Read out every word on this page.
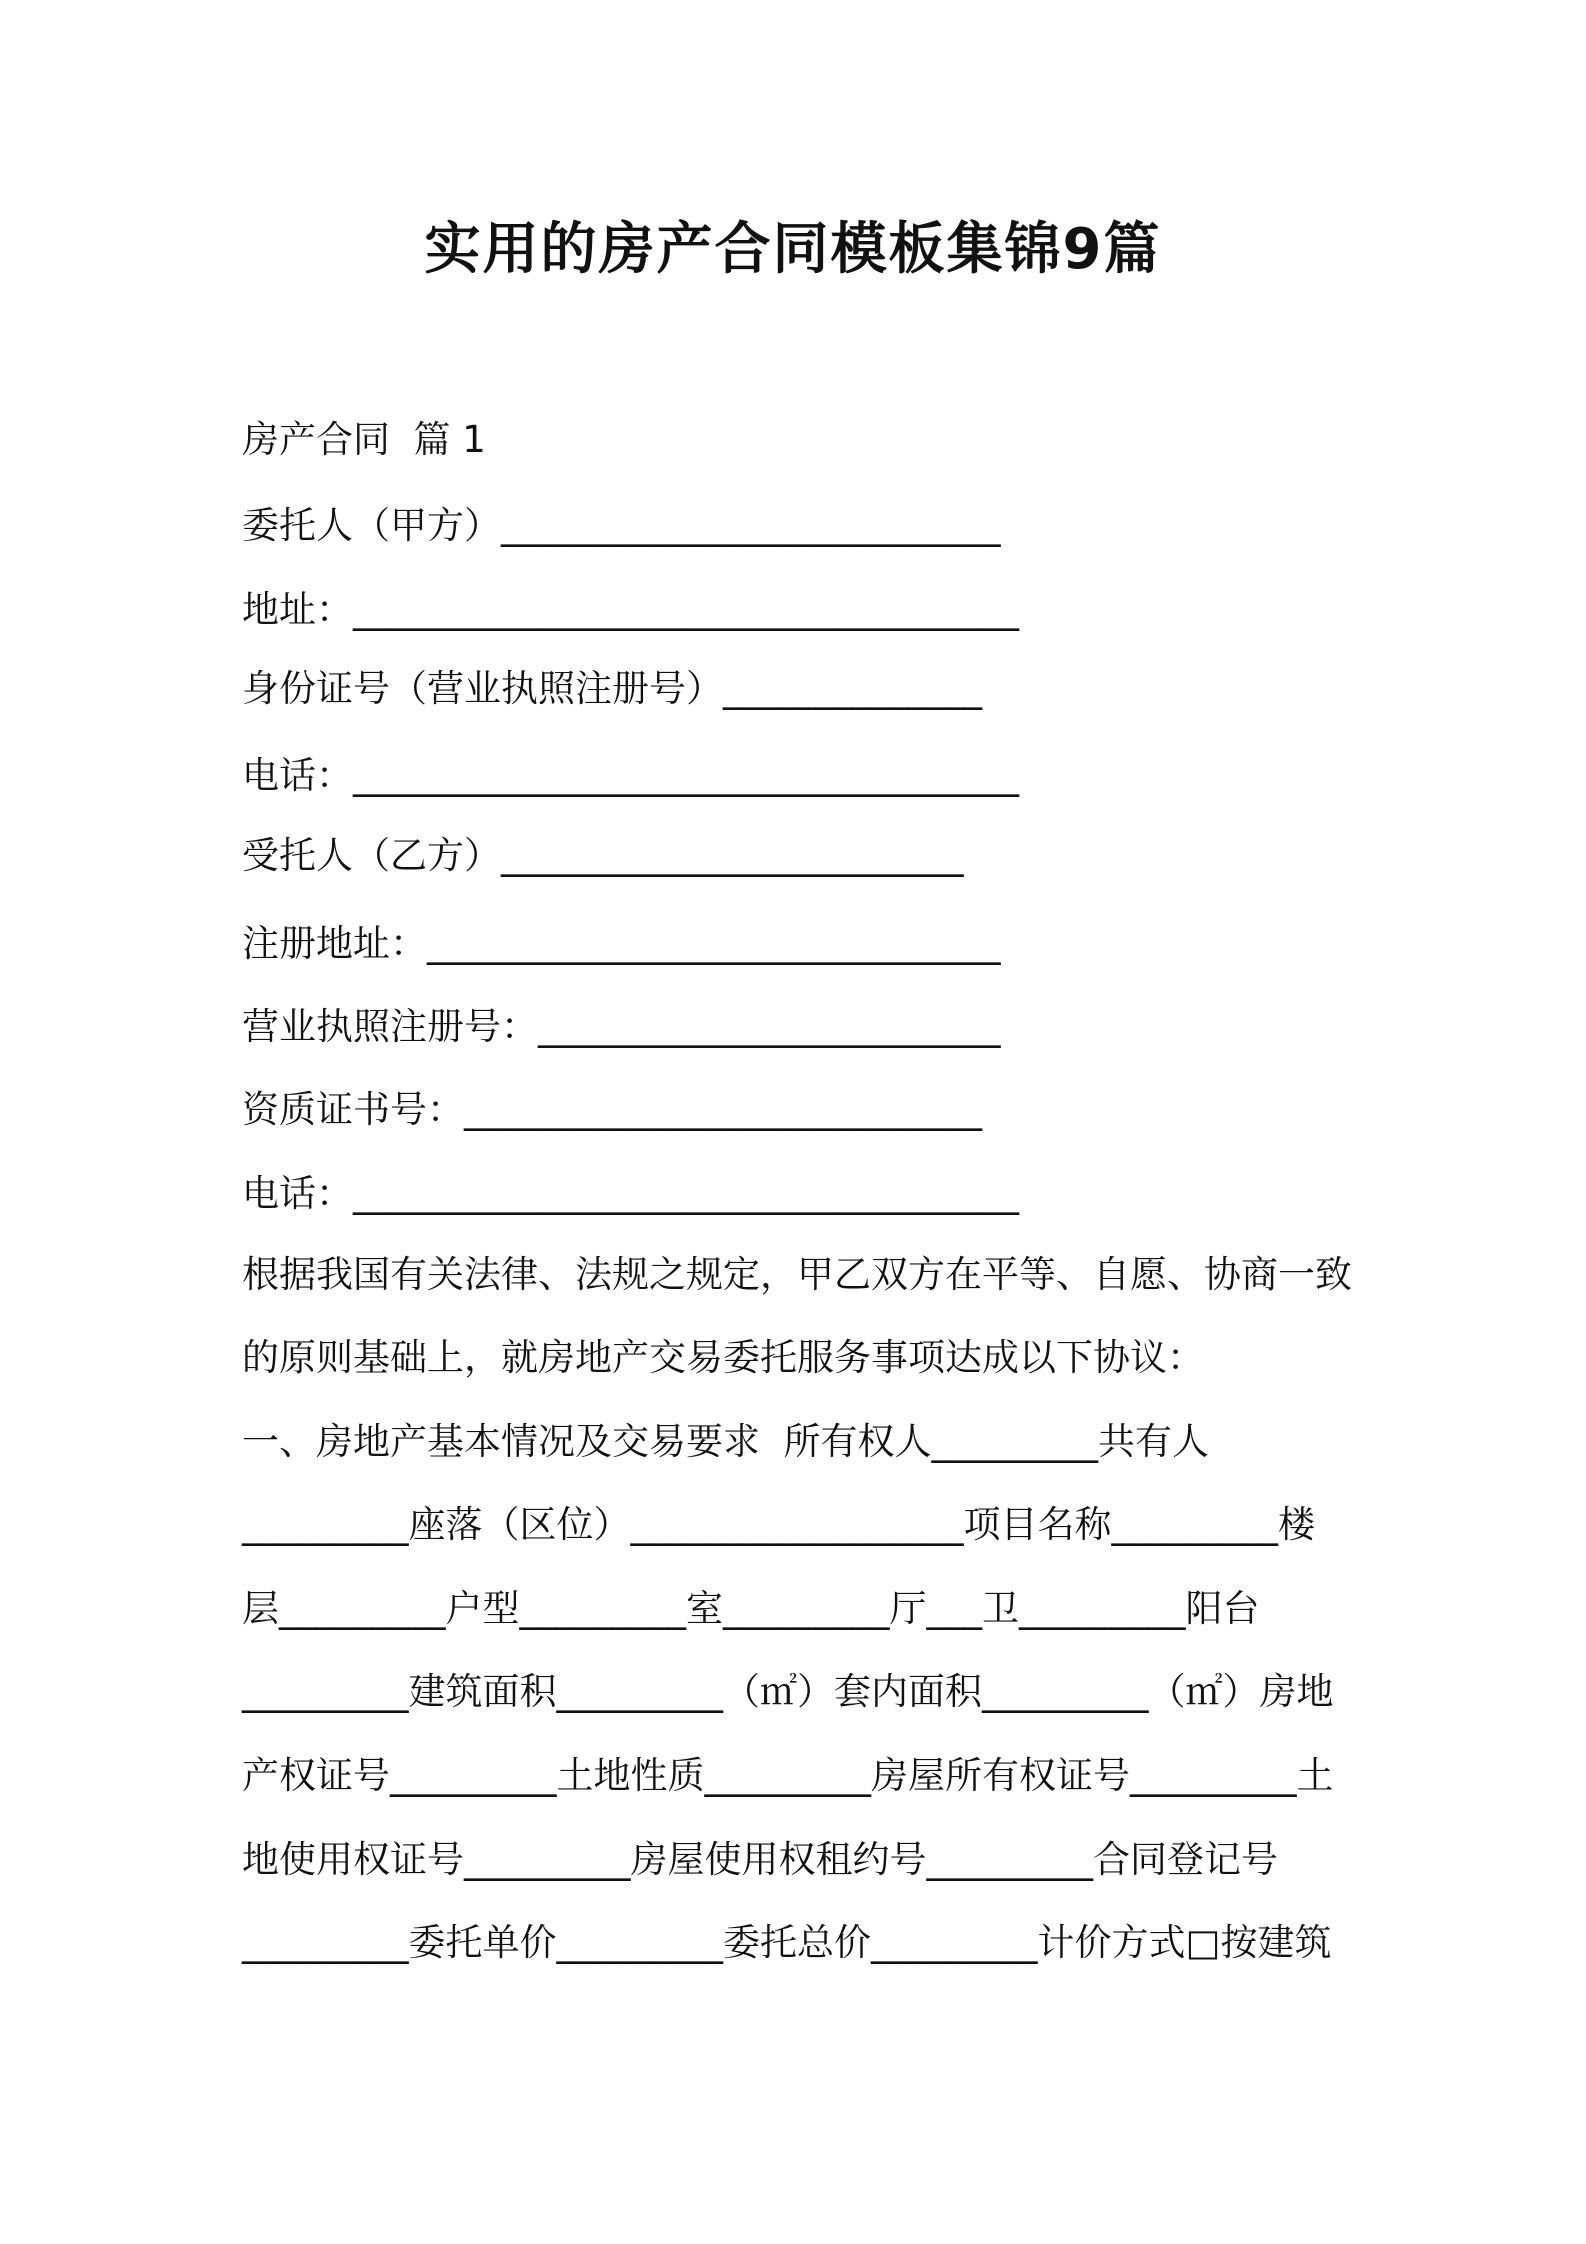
实用的房产合同模板集锦9篇

房产合同  篇 1

委托人（甲方）___________________________

地址：____________________________________

身份证号（营业执照注册号）______________

电话：____________________________________

受托人（乙方）_________________________

注册地址：_______________________________

营业执照注册号：_________________________

资质证书号：____________________________

电话：____________________________________

根据我国有关法律、法规之规定，甲乙双方在平等、自愿、协商一致

的原则基础上，就房地产交易委托服务事项达成以下协议：

一、房地产基本情况及交易要求  所有权人_________共有人

_________座落（区位）__________________项目名称_________楼

层_________户型_________室_________厅___卫_________阳台

_________建筑面积_________（㎡）套内面积_________（㎡）房地

产权证号_________土地性质_________房屋所有权证号_________土

地使用权证号_________房屋使用权租约号_________合同登记号

_________委托单价_________委托总价_________计价方式□按建筑
